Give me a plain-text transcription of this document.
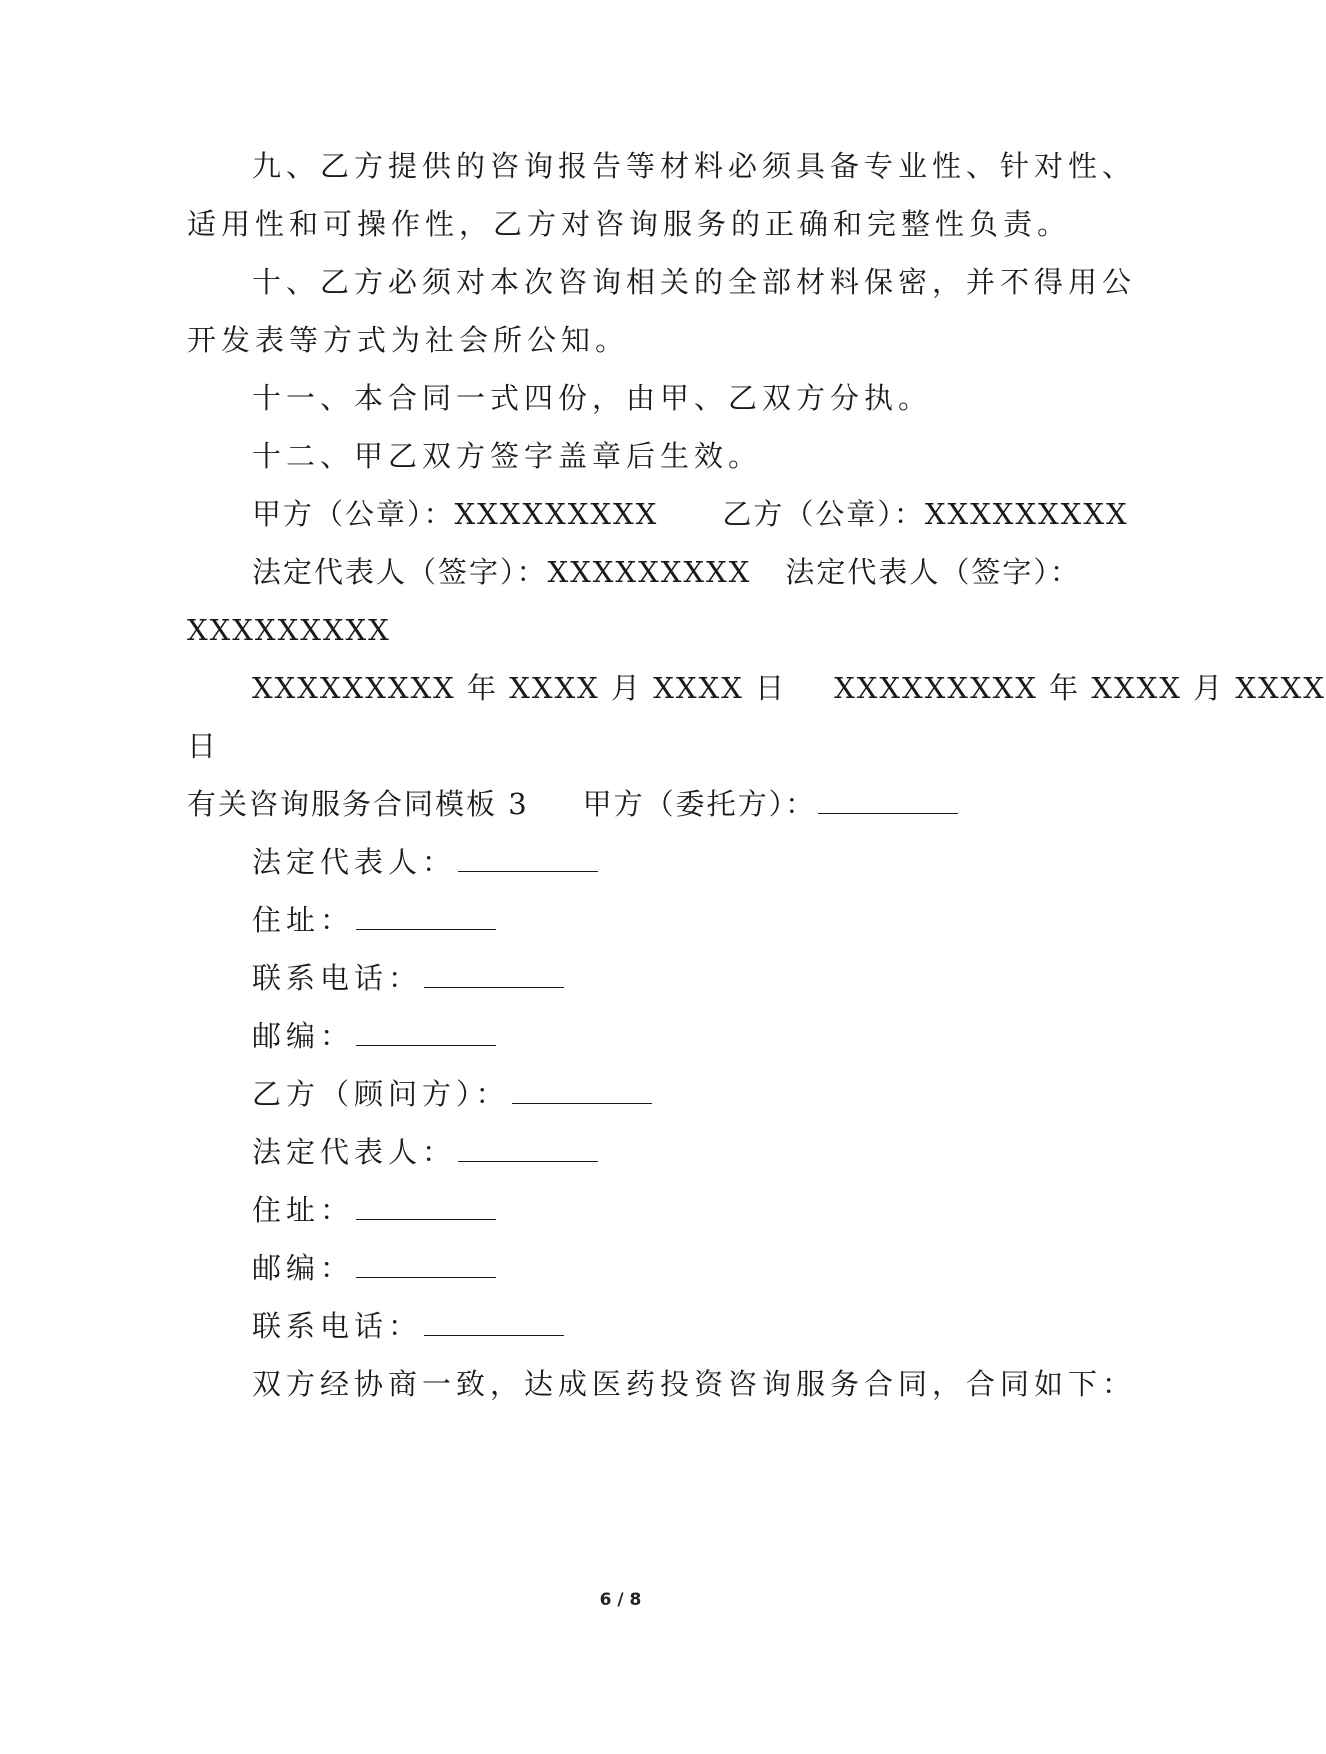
九、乙方提供的咨询报告等材料必须具备专业性、针对性、
适用性和可操作性，乙方对咨询服务的正确和完整性负责。
十、乙方必须对本次咨询相关的全部材料保密，并不得用公
开发表等方式为社会所公知。
十一、本合同一式四份，由甲、乙双方分执。
十二、甲乙双方签字盖章后生效。
甲方（公章）：XXXXXXXXX 乙方（公章）：XXXXXXXXX
法定代表人（签字）：XXXXXXXXX 法定代表人（签字）：
XXXXXXXXX
XXXXXXXXX 年 XXXX 月 XXXX 日 XXXXXXXXX 年 XXXX 月 XXXX
日
有关咨询服务合同模板 3 甲方（委托方）：
法定代表人：
住址：
联系电话：
邮编：
乙方（顾问方）：
法定代表人：
住址：
邮编：
联系电话：
双方经协商一致，达成医药投资咨询服务合同，合同如下：
6 / 8
